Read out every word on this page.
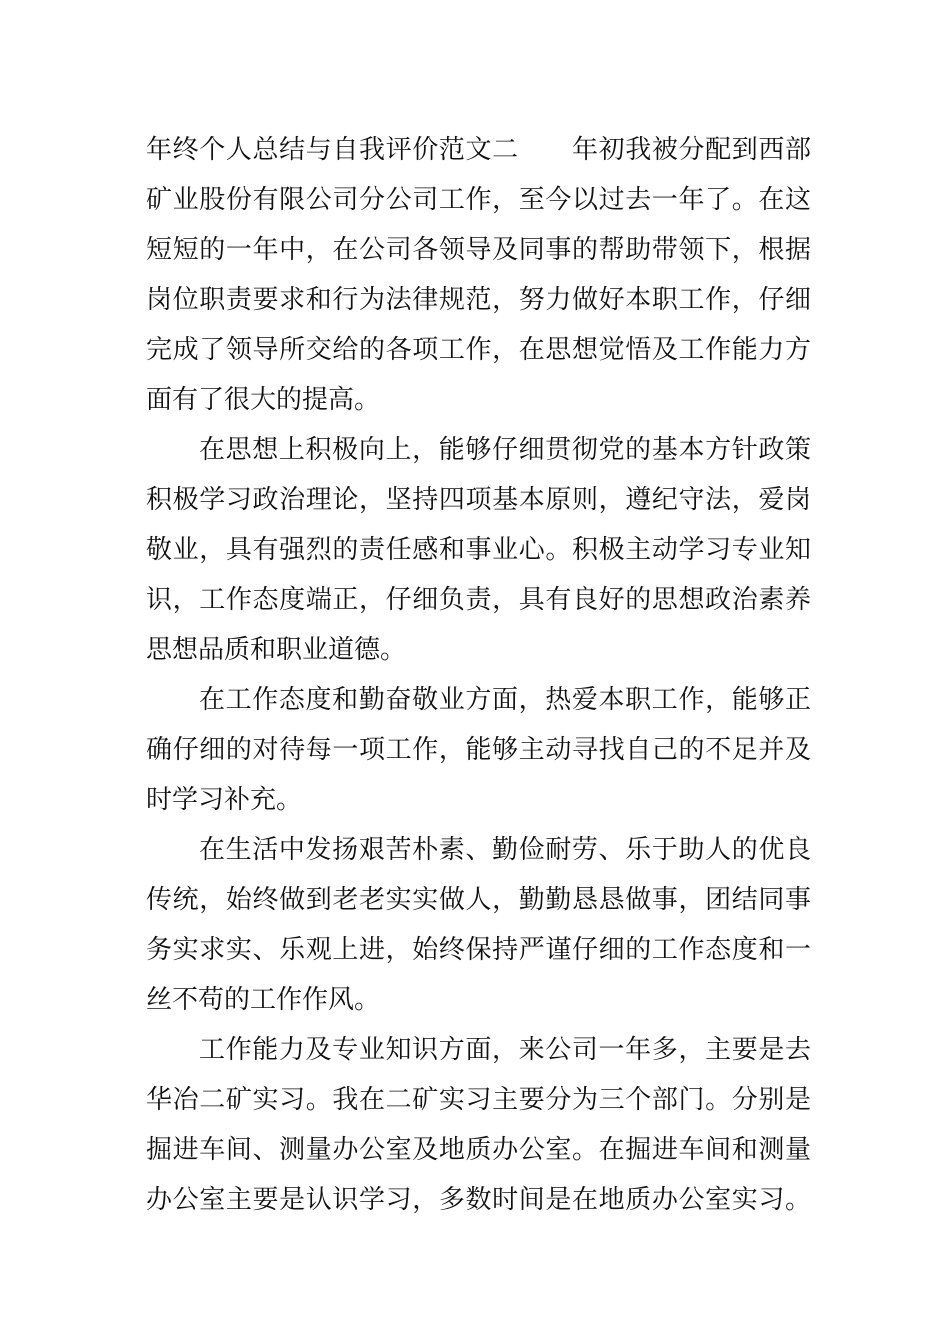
年终个人总结与自我评价范文二　　年初我被分配到西部
矿业股份有限公司分公司工作，至今以过去一年了。在这
短短的一年中，在公司各领导及同事的帮助带领下，根据
岗位职责要求和行为法律规范，努力做好本职工作，仔细
完成了领导所交给的各项工作，在思想觉悟及工作能力方
面有了很大的提高。
在思想上积极向上，能够仔细贯彻党的基本方针政策
积极学习政治理论，坚持四项基本原则，遵纪守法，爱岗
敬业，具有强烈的责任感和事业心。积极主动学习专业知
识，工作态度端正，仔细负责，具有良好的思想政治素养
思想品质和职业道德。
在工作态度和勤奋敬业方面，热爱本职工作，能够正
确仔细的对待每一项工作，能够主动寻找自己的不足并及
时学习补充。
在生活中发扬艰苦朴素、勤俭耐劳、乐于助人的优良
传统，始终做到老老实实做人，勤勤恳恳做事，团结同事
务实求实、乐观上进，始终保持严谨仔细的工作态度和一
丝不苟的工作作风。
工作能力及专业知识方面，来公司一年多，主要是去
华冶二矿实习。我在二矿实习主要分为三个部门。分别是
掘进车间、测量办公室及地质办公室。在掘进车间和测量
办公室主要是认识学习，多数时间是在地质办公室实习。
